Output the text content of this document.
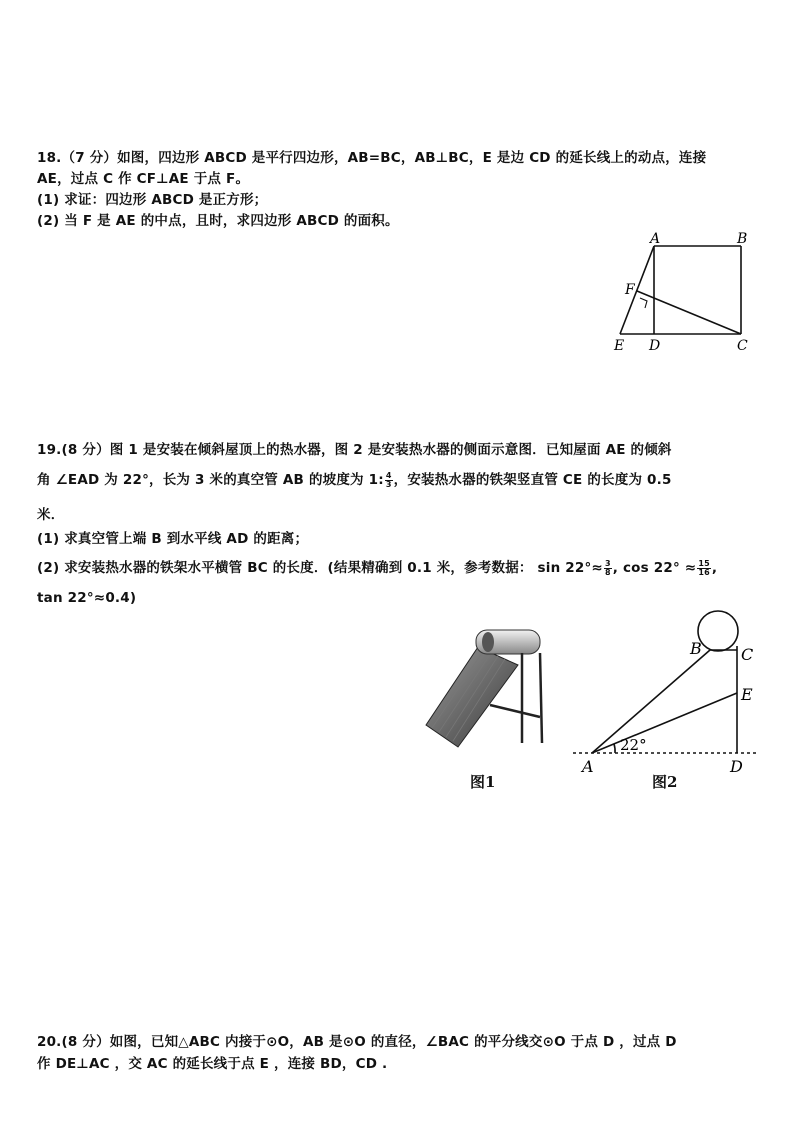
18.（7 分）如图，四边形 ABCD 是平行四边形，AB=BC，AB⊥BC，E 是边 CD 的延长线上的动点，连接
AE，过点 C 作 CF⊥AE 于点 F。
(1) 求证：四边形 ABCD 是正方形；
(2) 当 F 是 AE 的中点，且时，求四边形 ABCD 的面积。
A	B
F
E D	C
19.(8 分）图 1 是安装在倾斜屋顶上的热水器，图 2 是安装热水器的侧面示意图．已知屋面 AE 的倾斜
角 ∠EAD 为 22°，长为 3 米的真空管 AB 的坡度为 1: $\frac{4}{3}$ ，安装热水器的铁架竖直管 CE 的长度为 0.5
米．
(1) 求真空管上端 B 到水平线 AD 的距离；
(2) 求安装热水器的铁架水平横管 BC 的长度．(结果精确到 0.1 米，参考数据： $\sin 22^\circ\approx \frac{3}{8}$ , $\cos 22^\circ \approx \frac{15}{16}$ ,
tan 22°≈0.4)
图1
B C
E
22°
A	D
图2
20.(8 分）如图，已知△ABC 内接于⊙O，AB 是⊙O 的直径，∠BAC 的平分线交⊙O 于点 D ，过点 D
作 DE⊥AC ，交 AC 的延长线于点 E ，连接 BD，CD .
